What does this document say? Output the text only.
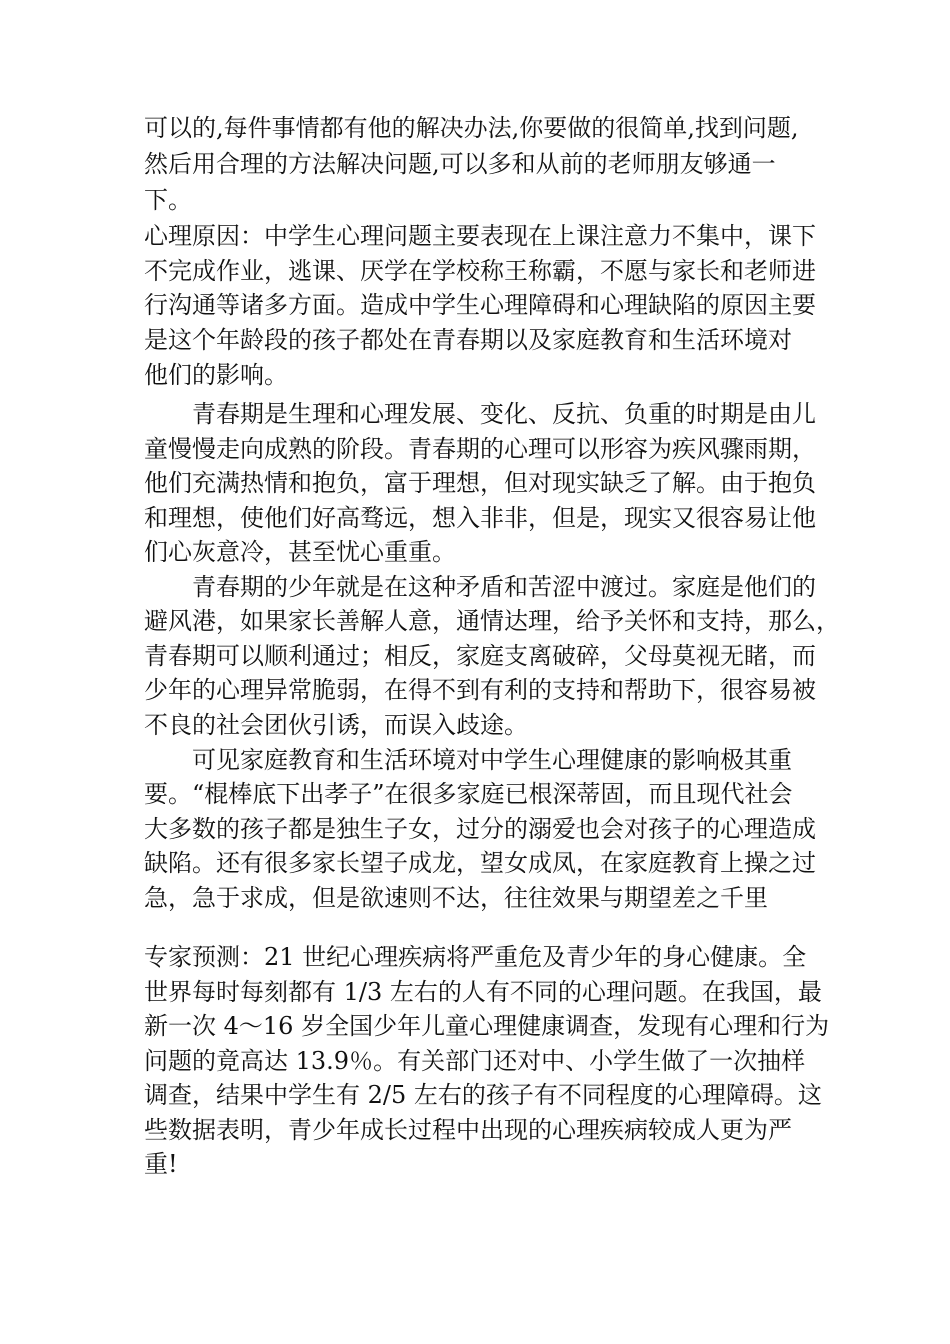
可以的,每件事情都有他的解决办法,你要做的很简单,找到问题,

然后用合理的方法解决问题,可以多和从前的老师朋友够通一

下。

心理原因：中学生心理问题主要表现在上课注意力不集中，课下

不完成作业，逃课、厌学在学校称王称霸，不愿与家长和老师进

行沟通等诸多方面。造成中学生心理障碍和心理缺陷的原因主要

是这个年龄段的孩子都处在青春期以及家庭教育和生活环境对

他们的影响。

青春期是生理和心理发展、变化、反抗、负重的时期是由儿

童慢慢走向成熟的阶段。青春期的心理可以形容为疾风骤雨期，

他们充满热情和抱负，富于理想，但对现实缺乏了解。由于抱负

和理想，使他们好高骛远，想入非非，但是，现实又很容易让他

们心灰意冷，甚至忧心重重。

青春期的少年就是在这种矛盾和苦涩中渡过。家庭是他们的

避风港，如果家长善解人意，通情达理，给予关怀和支持，那么，

青春期可以顺利通过；相反，家庭支离破碎，父母莫视无睹，而

少年的心理异常脆弱，在得不到有利的支持和帮助下，很容易被

不良的社会团伙引诱，而误入歧途。

可见家庭教育和生活环境对中学生心理健康的影响极其重

要。“棍棒底下出孝子”在很多家庭已根深蒂固，而且现代社会

大多数的孩子都是独生子女，过分的溺爱也会对孩子的心理造成

缺陷。还有很多家长望子成龙，望女成凤，在家庭教育上操之过

急，急于求成，但是欲速则不达，往往效果与期望差之千里

专家预测：21 世纪心理疾病将严重危及青少年的身心健康。全

世界每时每刻都有 1/3 左右的人有不同的心理问题。在我国，最

新一次 4～16 岁全国少年儿童心理健康调查，发现有心理和行为

问题的竟高达 13.9％。有关部门还对中、小学生做了一次抽样

调查，结果中学生有 2/5 左右的孩子有不同程度的心理障碍。这

些数据表明，青少年成长过程中出现的心理疾病较成人更为严

重!
